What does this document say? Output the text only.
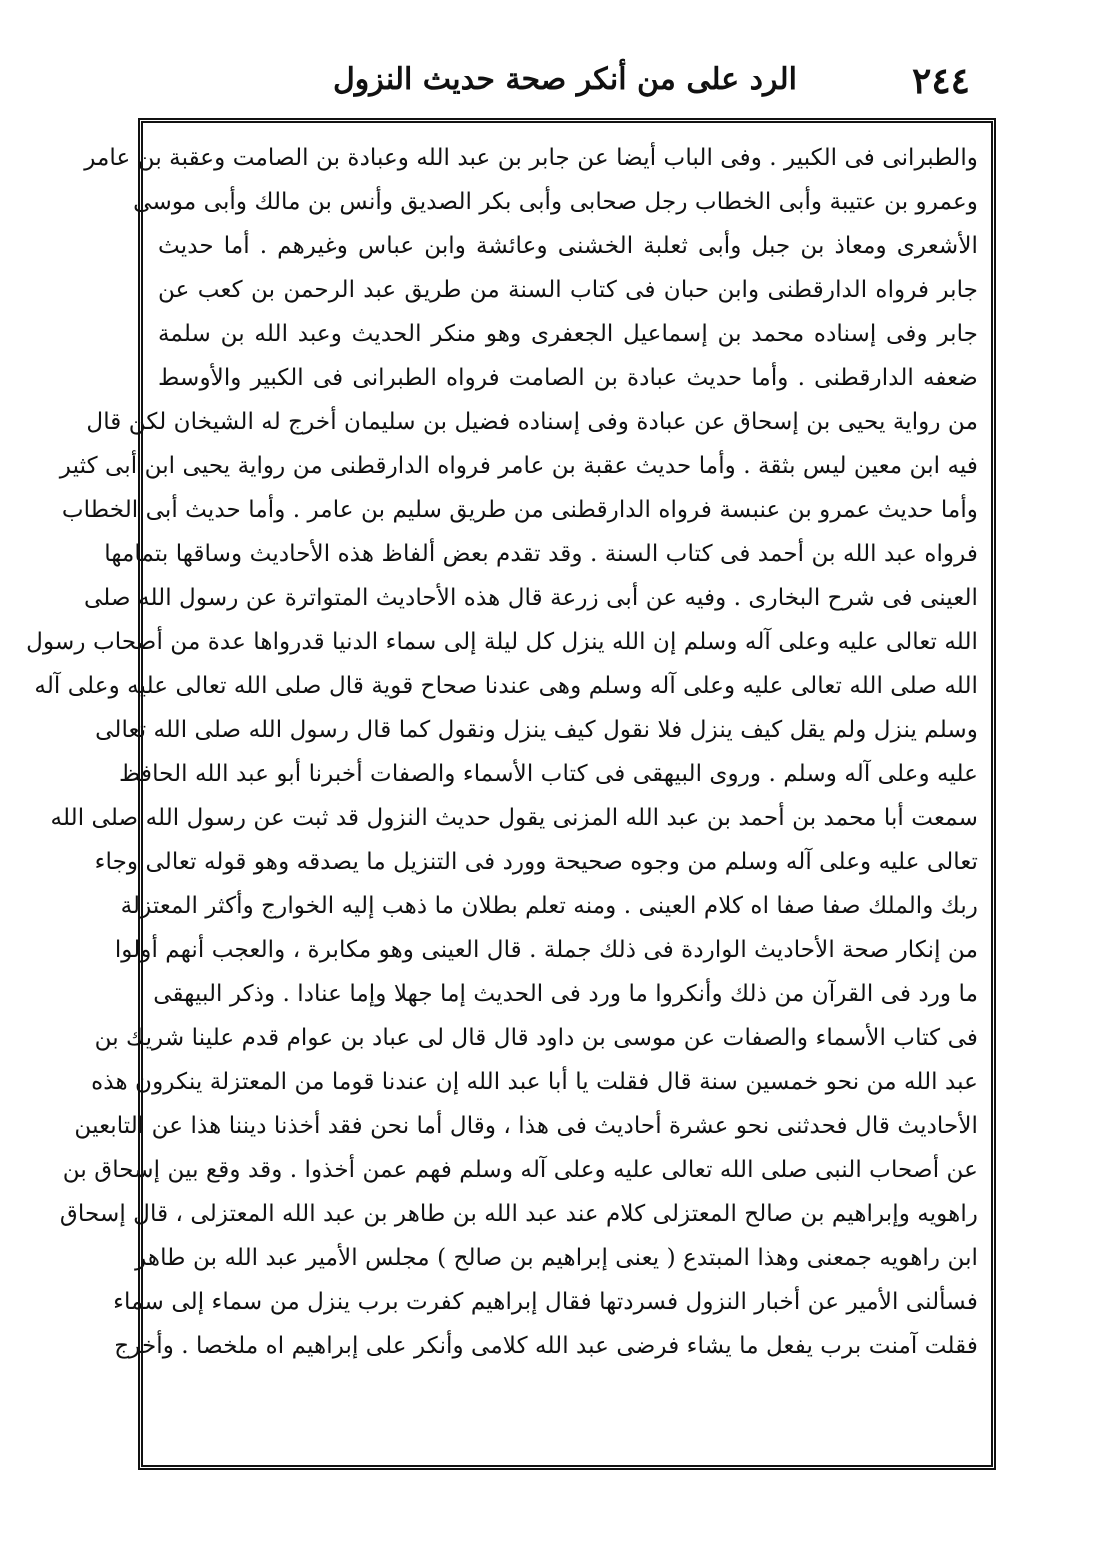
٢٤٤
الرد على من أنكر صحة حديث النزول
والطبرانى فى الكبير . وفى الباب أيضا عن جابر بن عبد الله وعبادة بن الصامت وعقبة بن عامر
وعمرو بن عتيبة وأبى الخطاب رجل صحابى وأبى بكر الصديق وأنس بن مالك وأبى موسى
الأشعرى ومعاذ بن جبل وأبى ثعلبة الخشنى وعائشة وابن عباس وغيرهم . أما حديث
جابر فرواه الدارقطنى وابن حبان فى كتاب السنة من طريق عبد الرحمن بن كعب عن
جابر وفى إسناده محمد بن إسماعيل الجعفرى وهو منكر الحديث وعبد الله بن سلمة
ضعفه الدارقطنى . وأما حديث عبادة بن الصامت فرواه الطبرانى فى الكبير والأوسط
من رواية يحيى بن إسحاق عن عبادة وفى إسناده فضيل بن سليمان أخرج له الشيخان لكن قال
فيه ابن معين ليس بثقة . وأما حديث عقبة بن عامر فرواه الدارقطنى من رواية يحيى ابن أبى كثير
وأما حديث عمرو بن عنبسة فرواه الدارقطنى من طريق سليم بن عامر . وأما حديث أبى الخطاب
فرواه عبد الله بن أحمد فى كتاب السنة . وقد تقدم بعض ألفاظ هذه الأحاديث وساقها بتمامها
العينى فى شرح البخارى . وفيه عن أبى زرعة قال هذه الأحاديث المتواترة عن رسول الله صلى
الله تعالى عليه وعلى آله وسلم إن الله ينزل كل ليلة إلى سماء الدنيا قدرواها عدة من أصحاب رسول
الله صلى الله تعالى عليه وعلى آله وسلم وهى عندنا صحاح قوية قال صلى الله تعالى عليه وعلى آله
وسلم ينزل ولم يقل كيف ينزل فلا نقول كيف ينزل ونقول كما قال رسول الله صلى الله تعالى
عليه وعلى آله وسلم . وروى البيهقى فى كتاب الأسماء والصفات أخبرنا أبو عبد الله الحافظ
سمعت أبا محمد بن أحمد بن عبد الله المزنى يقول حديث النزول قد ثبت عن رسول الله صلى الله
تعالى عليه وعلى آله وسلم من وجوه صحيحة وورد فى التنزيل ما يصدقه وهو قوله تعالى وجاء
ربك والملك صفا صفا اه كلام العينى . ومنه تعلم بطلان ما ذهب إليه الخوارج وأكثر المعتزلة
من إنكار صحة الأحاديث الواردة فى ذلك جملة . قال العينى وهو مكابرة ، والعجب أنهم أولوا
ما ورد فى القرآن من ذلك وأنكروا ما ورد فى الحديث إما جهلا وإما عنادا . وذكر البيهقى
فى كتاب الأسماء والصفات عن موسى بن داود قال قال لى عباد بن عوام قدم علينا شريك بن
عبد الله من نحو خمسين سنة قال فقلت يا أبا عبد الله إن عندنا قوما من المعتزلة ينكرون هذه
الأحاديث قال فحدثنى نحو عشرة أحاديث فى هذا ، وقال أما نحن فقد أخذنا ديننا هذا عن التابعين
عن أصحاب النبى صلى الله تعالى عليه وعلى آله وسلم فهم عمن أخذوا . وقد وقع بين إسحاق بن
راهويه وإبراهيم بن صالح المعتزلى كلام عند عبد الله بن طاهر بن عبد الله المعتزلى ، قال إسحاق
ابن راهويه جمعنى وهذا المبتدع ( يعنى إبراهيم بن صالح ) مجلس الأمير عبد الله بن طاهر
فسألنى الأمير عن أخبار النزول فسردتها فقال إبراهيم كفرت برب ينزل من سماء إلى سماء
فقلت آمنت برب يفعل ما يشاء فرضى عبد الله كلامى وأنكر على إبراهيم اه ملخصا . وأخرج
